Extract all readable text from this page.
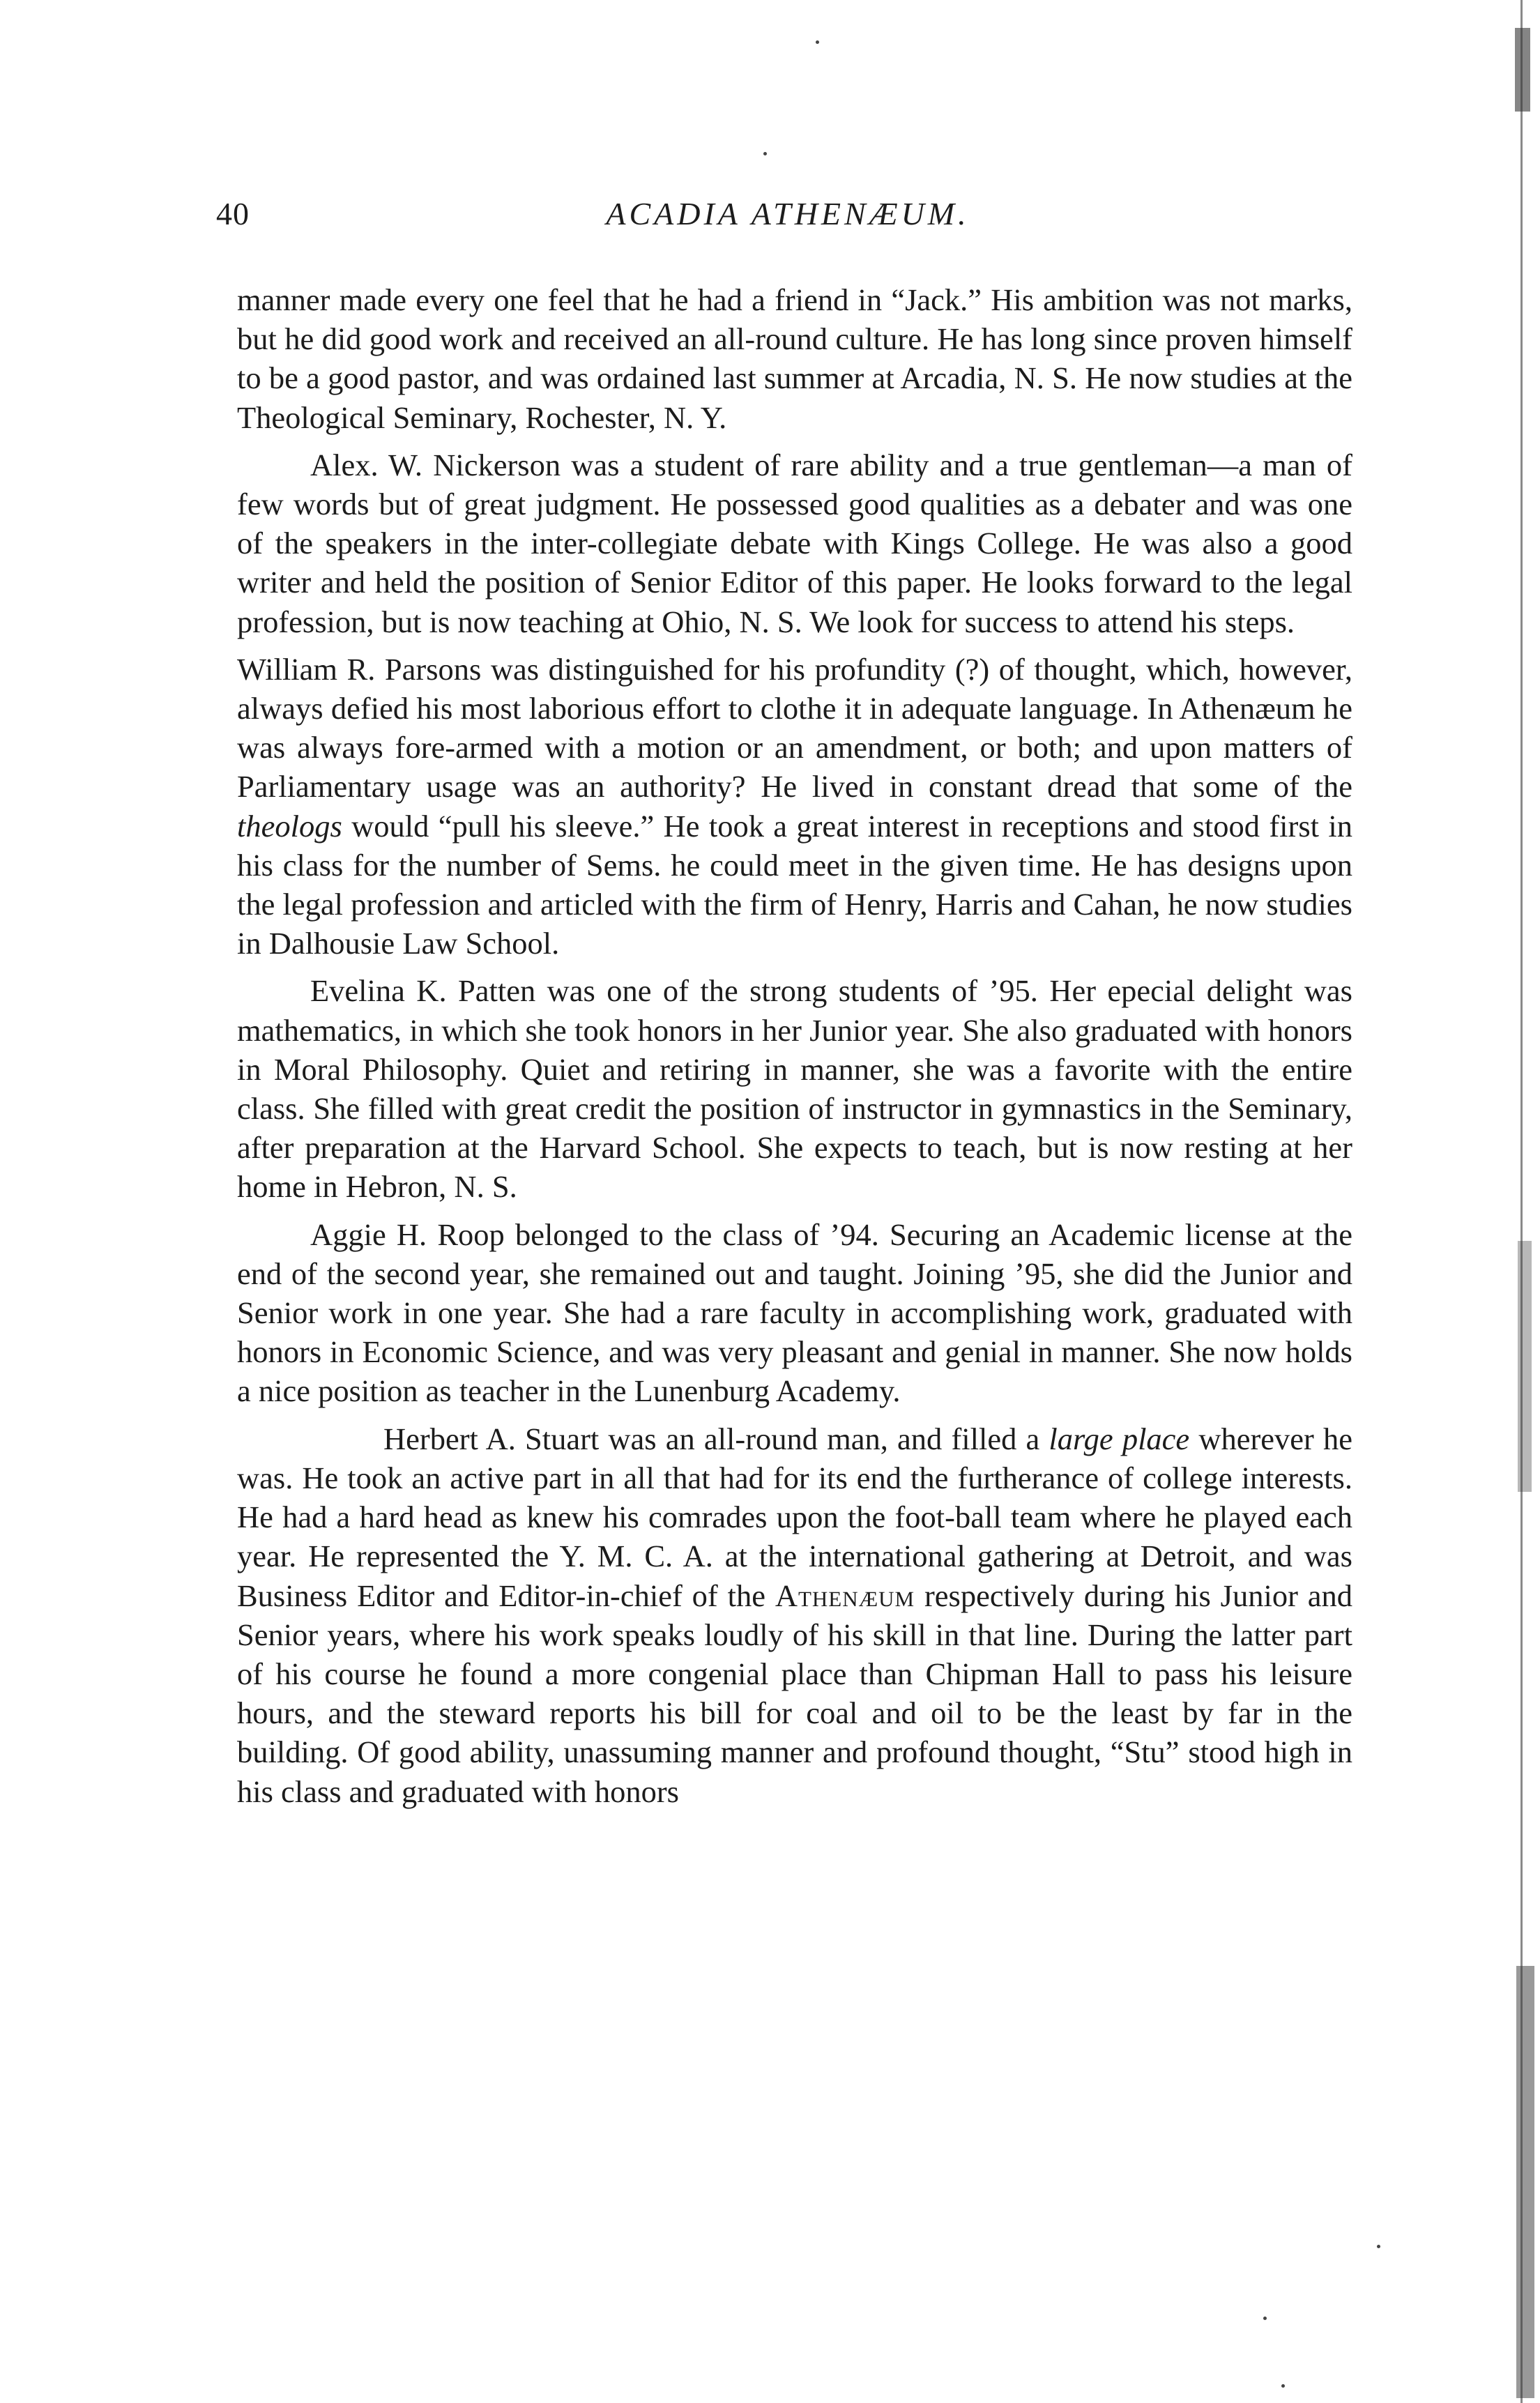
40	ACADIA ATHENÆUM.

manner made every one feel that he had a friend in “Jack.” His ambition was not marks, but he did good work and received an all-round culture. He has long since proven himself to be a good pastor, and was ordained last summer at Arcadia, N. S. He now studies at the Theological Seminary, Rochester, N. Y.

Alex. W. Nickerson was a student of rare ability and a true gentleman—a man of few words but of great judgment. He possessed good qualities as a debater and was one of the speakers in the inter-collegiate debate with Kings College. He was also a good writer and held the position of Senior Editor of this paper. He looks forward to the legal profession, but is now teaching at Ohio, N. S. We look for success to attend his steps.

William R. Parsons was distinguished for his profundity (?) of thought, which, however, always defied his most laborious effort to clothe it in adequate language. In Athenæum he was always fore-armed with a motion or an amendment, or both; and upon matters of Parliamentary usage was an authority? He lived in constant dread that some of the theologs would “pull his sleeve.” He took a great interest in receptions and stood first in his class for the number of Sems. he could meet in the given time. He has designs upon the legal profession and articled with the firm of Henry, Harris and Cahan, he now studies in Dalhousie Law School.

Evelina K. Patten was one of the strong students of ’95. Her epecial delight was mathematics, in which she took honors in her Junior year. She also graduated with honors in Moral Philosophy. Quiet and retiring in manner, she was a favorite with the entire class. She filled with great credit the position of instructor in gymnastics in the Seminary, after preparation at the Harvard School. She expects to teach, but is now resting at her home in Hebron, N. S.

Aggie H. Roop belonged to the class of ’94. Securing an Academic license at the end of the second year, she remained out and taught. Joining ’95, she did the Junior and Senior work in one year. She had a rare faculty in accomplishing work, graduated with honors in Economic Science, and was very pleasant and genial in manner. She now holds a nice position as teacher in the Lunenburg Academy.

Herbert A. Stuart was an all-round man, and filled a large place wherever he was. He took an active part in all that had for its end the furtherance of college interests. He had a hard head as knew his comrades upon the foot-ball team where he played each year. He represented the Y. M. C. A. at the international gathering at Detroit, and was Business Editor and Editor-in-chief of the Athenæum respectively during his Junior and Senior years, where his work speaks loudly of his skill in that line. During the latter part of his course he found a more congenial place than Chipman Hall to pass his leisure hours, and the steward reports his bill for coal and oil to be the least by far in the building. Of good ability, unassuming manner and profound thought, “Stu” stood high in his class and graduated with honors
